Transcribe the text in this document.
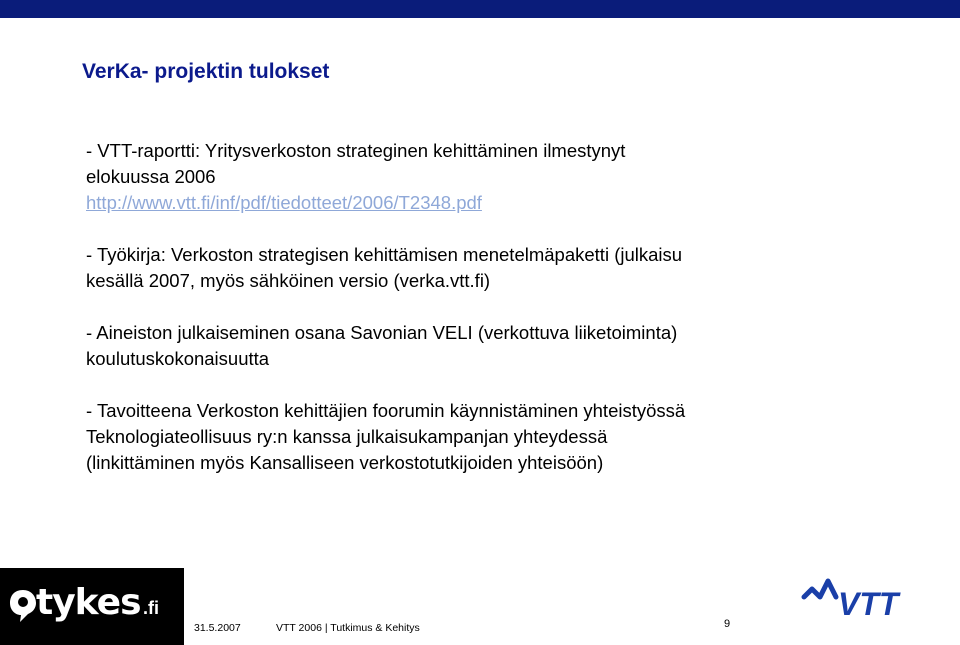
VerKa- projektin tulokset
- VTT-raportti: Yritysverkoston strateginen kehittäminen ilmestynyt
elokuussa 2006
http://www.vtt.fi/inf/pdf/tiedotteet/2006/T2348.pdf
- Työkirja: Verkoston strategisen kehittämisen menetelmäpaketti (julkaisu
kesällä 2007, myös sähköinen versio (verka.vtt.fi)
- Aineiston julkaiseminen osana Savonian VELI (verkottuva liiketoiminta)
koulutuskokonaisuutta
- Tavoitteena Verkoston kehittäjien foorumin käynnistäminen yhteistyössä
Teknologiateollisuus ry:n kanssa julkaisukampanjan yhteydessä
(linkittäminen myös Kansalliseen verkostotutkijoiden yhteisöön)
tykes .fi
31.5.2007	VTT 2006 | Tutkimus & Kehitys	9
VTT
